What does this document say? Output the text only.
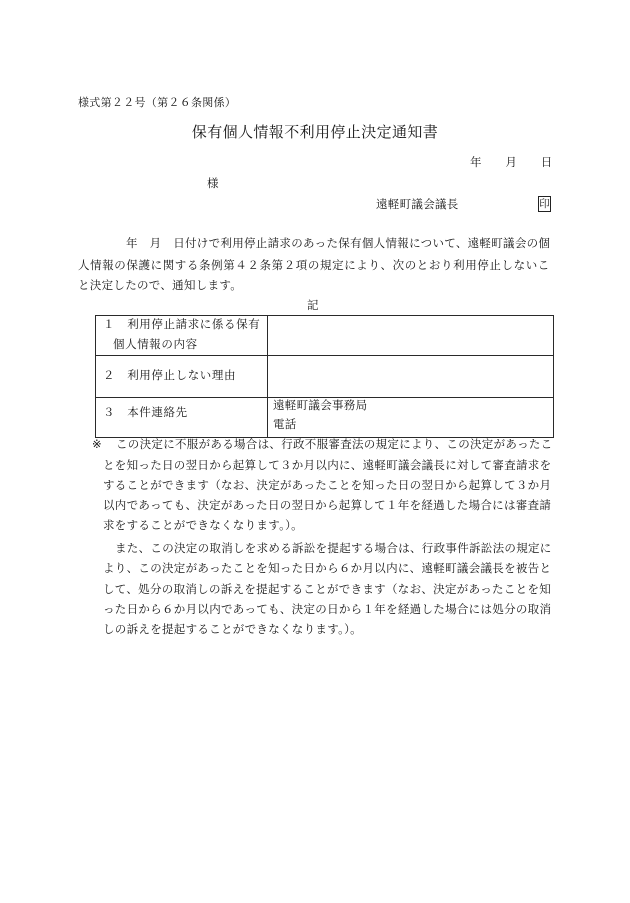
様式第２２号（第２６条関係）
保有個人情報不利用停止決定通知書
年　　月　　日
様
遠軽町議会議長	印
年　月　日付けで利用停止請求のあった保有個人情報について、遠軽町議会の個
人情報の保護に関する条例第４２条第２項の規定により、次のとおり利用停止しないこ
と決定したので、通知します。
記
１　利用停止請求に係る保有
個人情報の内容
２　利用停止しない理由
３　本件連絡先	遠軽町議会事務局
電話
※ この決定に不服がある場合は、行政不服審査法の規定により、この決定があったこ
とを知った日の翌日から起算して３か月以内に、遠軽町議会議長に対して審査請求を
することができます（なお、決定があったことを知った日の翌日から起算して３か月
以内であっても、決定があった日の翌日から起算して１年を経過した場合には審査請
求をすることができなくなります。）。
また、この決定の取消しを求める訴訟を提起する場合は、行政事件訴訟法の規定に
より、この決定があったことを知った日から６か月以内に、遠軽町議会議長を被告と
して、処分の取消しの訴えを提起することができます（なお、決定があったことを知
った日から６か月以内であっても、決定の日から１年を経過した場合には処分の取消
しの訴えを提起することができなくなります。）。
